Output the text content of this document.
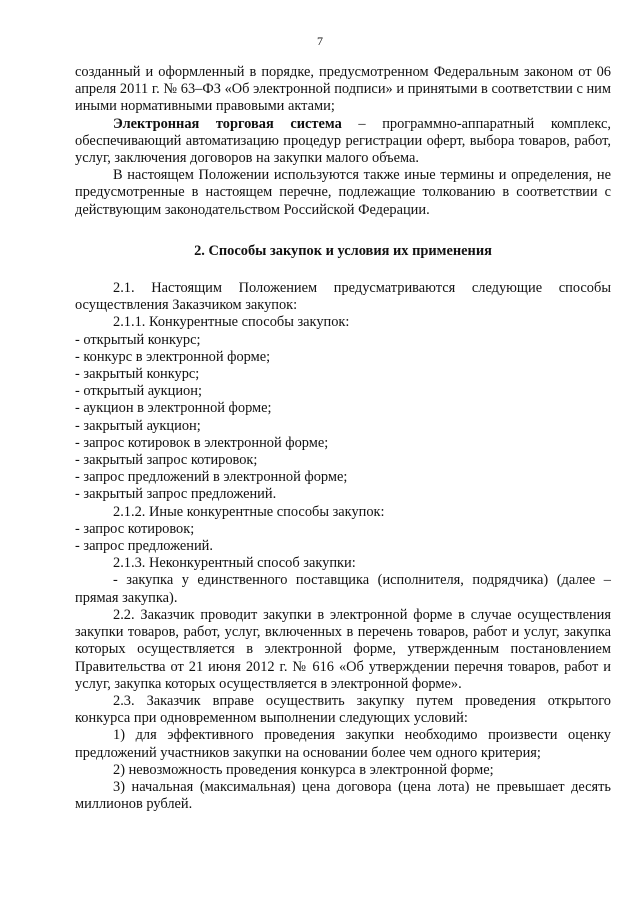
7

созданный и оформленный в порядке, предусмотренном Федеральным законом от 06 апреля 2011 г. № 63–ФЗ «Об электронной подписи» и принятыми в соответствии с ним иными нормативными правовыми актами;

Электронная торговая система – программно-аппаратный комплекс, обеспечивающий автоматизацию процедур регистрации оферт, выбора товаров, работ, услуг, заключения договоров на закупки малого объема.

В настоящем Положении используются также иные термины и определения, не предусмотренные в настоящем перечне, подлежащие толкованию в соответствии с действующим законодательством Российской Федерации.

2. Способы закупок и условия их применения

2.1. Настоящим Положением предусматриваются следующие способы осуществления Заказчиком закупок:

2.1.1. Конкурентные способы закупок:

- открытый конкурс;

- конкурс в электронной форме;

- закрытый конкурс;

- открытый аукцион;

- аукцион в электронной форме;

- закрытый аукцион;

- запрос котировок в электронной форме;

- закрытый запрос котировок;

- запрос предложений в электронной форме;

- закрытый запрос предложений.

2.1.2. Иные конкурентные способы закупок:

- запрос котировок;

- запрос предложений.

2.1.3. Неконкурентный способ закупки:

- закупка у единственного поставщика (исполнителя, подрядчика) (далее – прямая закупка).

2.2. Заказчик проводит закупки в электронной форме в случае осуществления закупки товаров, работ, услуг, включенных в перечень товаров, работ и услуг, закупка которых осуществляется в электронной форме, утвержденным постановлением Правительства от 21 июня 2012 г. № 616 «Об утверждении перечня товаров, работ и услуг, закупка которых осуществляется в электронной форме».

2.3. Заказчик вправе осуществить закупку путем проведения открытого конкурса при одновременном выполнении следующих условий:

1) для эффективного проведения закупки необходимо произвести оценку предложений участников закупки на основании более чем одного критерия;

2) невозможность проведения конкурса в электронной форме;

3) начальная (максимальная) цена договора (цена лота) не превышает десять миллионов рублей.
